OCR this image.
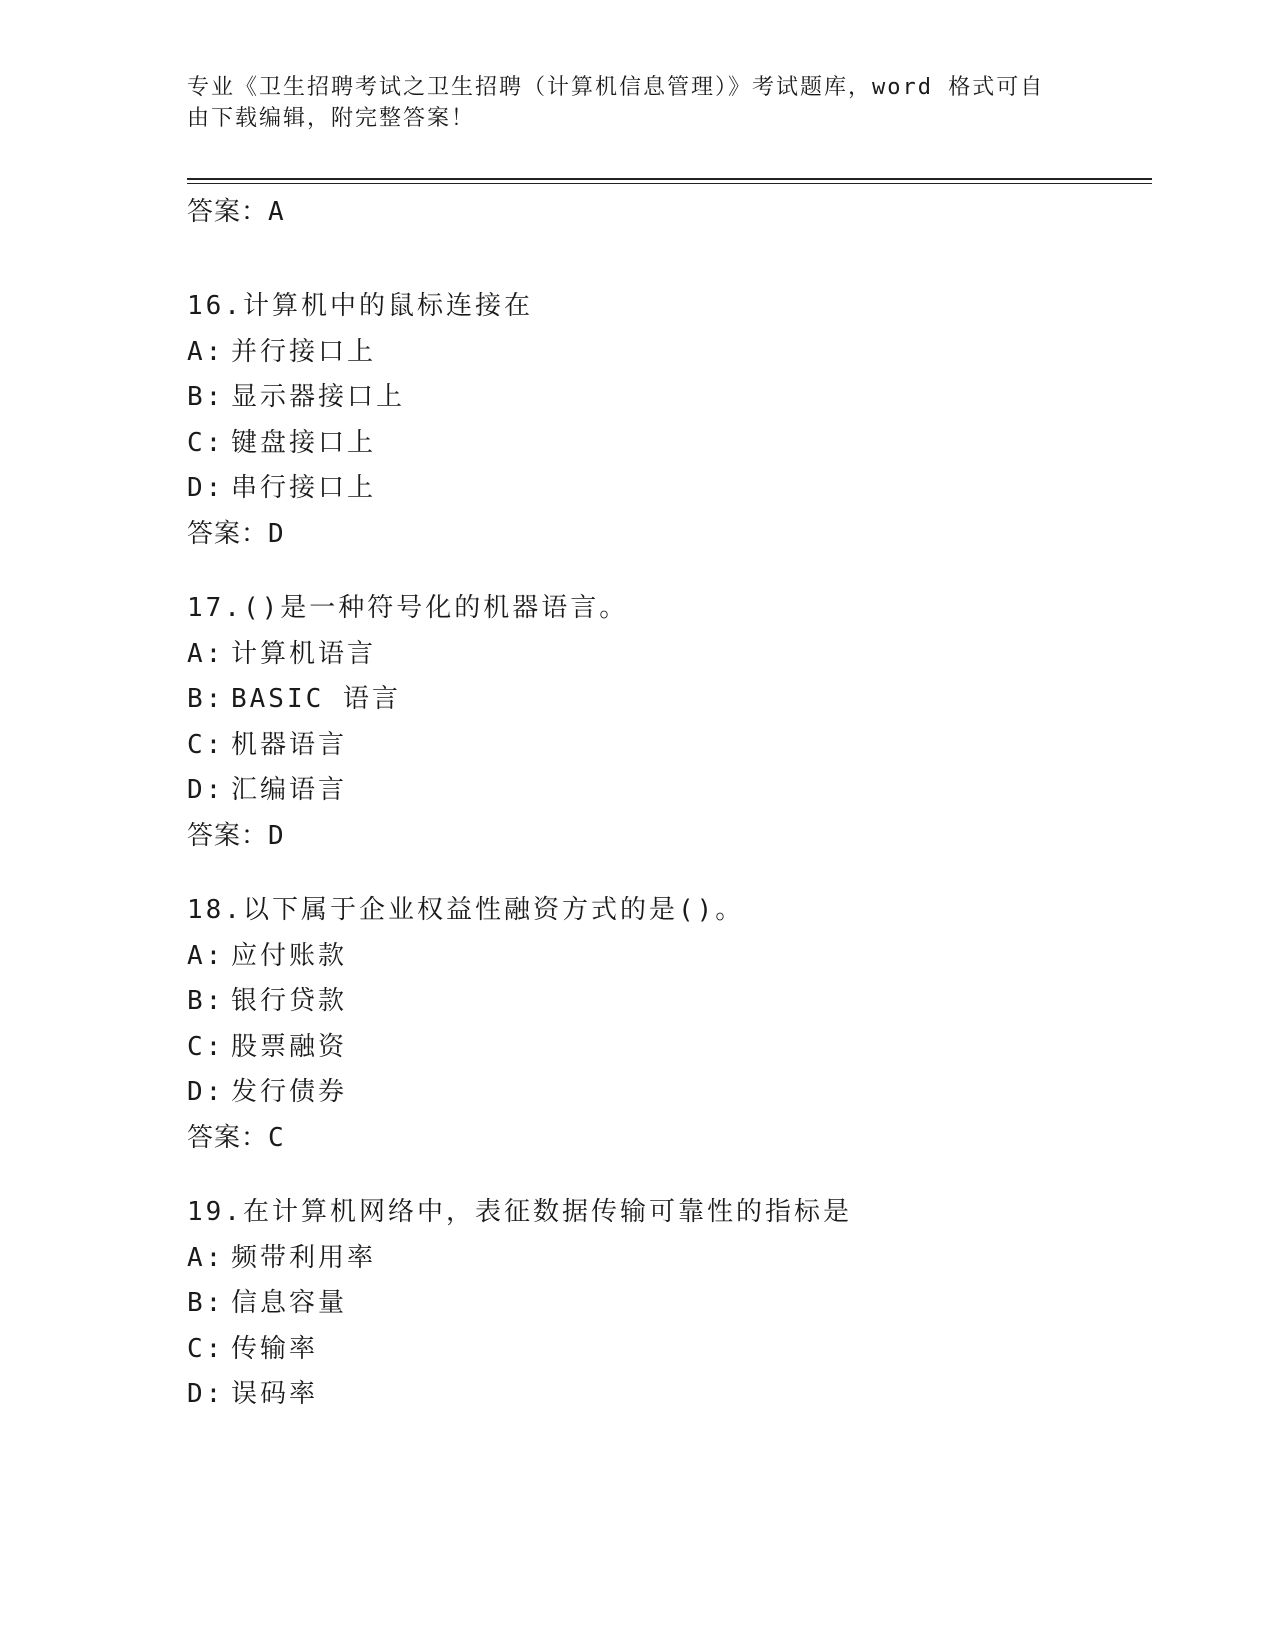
专业《卫生招聘考试之卫生招聘（计算机信息管理）》考试题库，word 格式可自
由下载编辑，附完整答案！
答案：A
16.计算机中的鼠标连接在
A: 并行接口上
B: 显示器接口上
C: 键盘接口上
D: 串行接口上
答案：D
17.()是一种符号化的机器语言。
A: 计算机语言
B: BASIC 语言
C: 机器语言
D: 汇编语言
答案：D
18.以下属于企业权益性融资方式的是()。
A: 应付账款
B: 银行贷款
C: 股票融资
D: 发行债券
答案：C
19.在计算机网络中，表征数据传输可靠性的指标是
A: 频带利用率
B: 信息容量
C: 传输率
D: 误码率
